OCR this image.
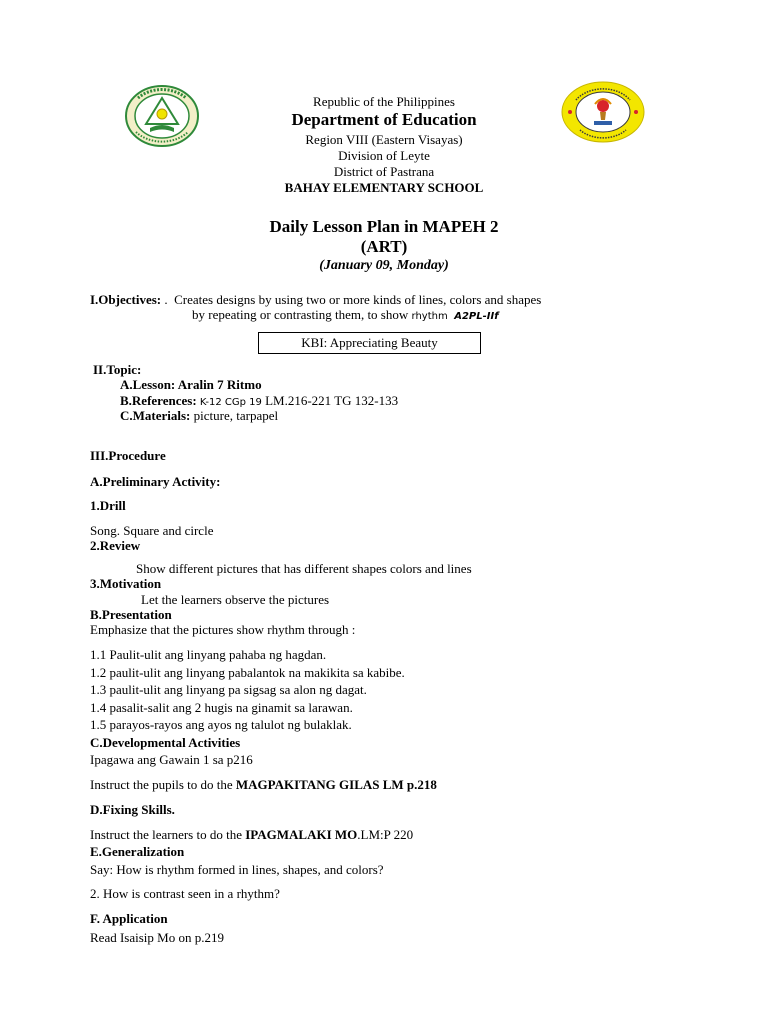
Republic of the Philippines
Department of Education
Region VIII (Eastern Visayas)
Division of Leyte
District of Pastrana
BAHAY ELEMENTARY SCHOOL
Daily Lesson Plan in MAPEH 2
(ART)
(January 09, Monday)
I.Objectives: .  Creates designs by using two or more kinds of lines, colors and shapes
by repeating or contrasting them, to show rhythm A2PL-IIf
KBI: Appreciating Beauty
II.Topic:
A.Lesson: Aralin 7 Ritmo
B.References: K-12 CGp 19 LM.216-221 TG 132-133
C.Materials: picture, tarpapel
III.Procedure
A.Preliminary Activity:
1.Drill
Song. Square and circle
2.Review
Show different pictures that has different shapes colors and lines
3.Motivation
Let the learners observe the pictures
B.Presentation
Emphasize that the pictures show rhythm through :
1.1 Paulit-ulit ang linyang pahaba ng hagdan.
1.2 paulit-ulit ang linyang pabalantok na makikita sa kabibe.
1.3 paulit-ulit ang linyang pa sigsag sa alon ng dagat.
1.4 pasalit-salit ang 2 hugis na ginamit sa larawan.
1.5 parayos-rayos ang ayos ng talulot ng bulaklak.
C.Developmental Activities
Ipagawa ang Gawain 1 sa p216
Instruct the pupils to do the MAGPAKITANG GILAS LM p.218
D.Fixing Skills.
Instruct the learners to do the IPAGMALAKI MO.LM:P 220
E.Generalization
Say: How is rhythm formed in lines, shapes, and colors?
2. How is contrast seen in a rhythm?
F. Application
Read Isaisip Mo on p.219
